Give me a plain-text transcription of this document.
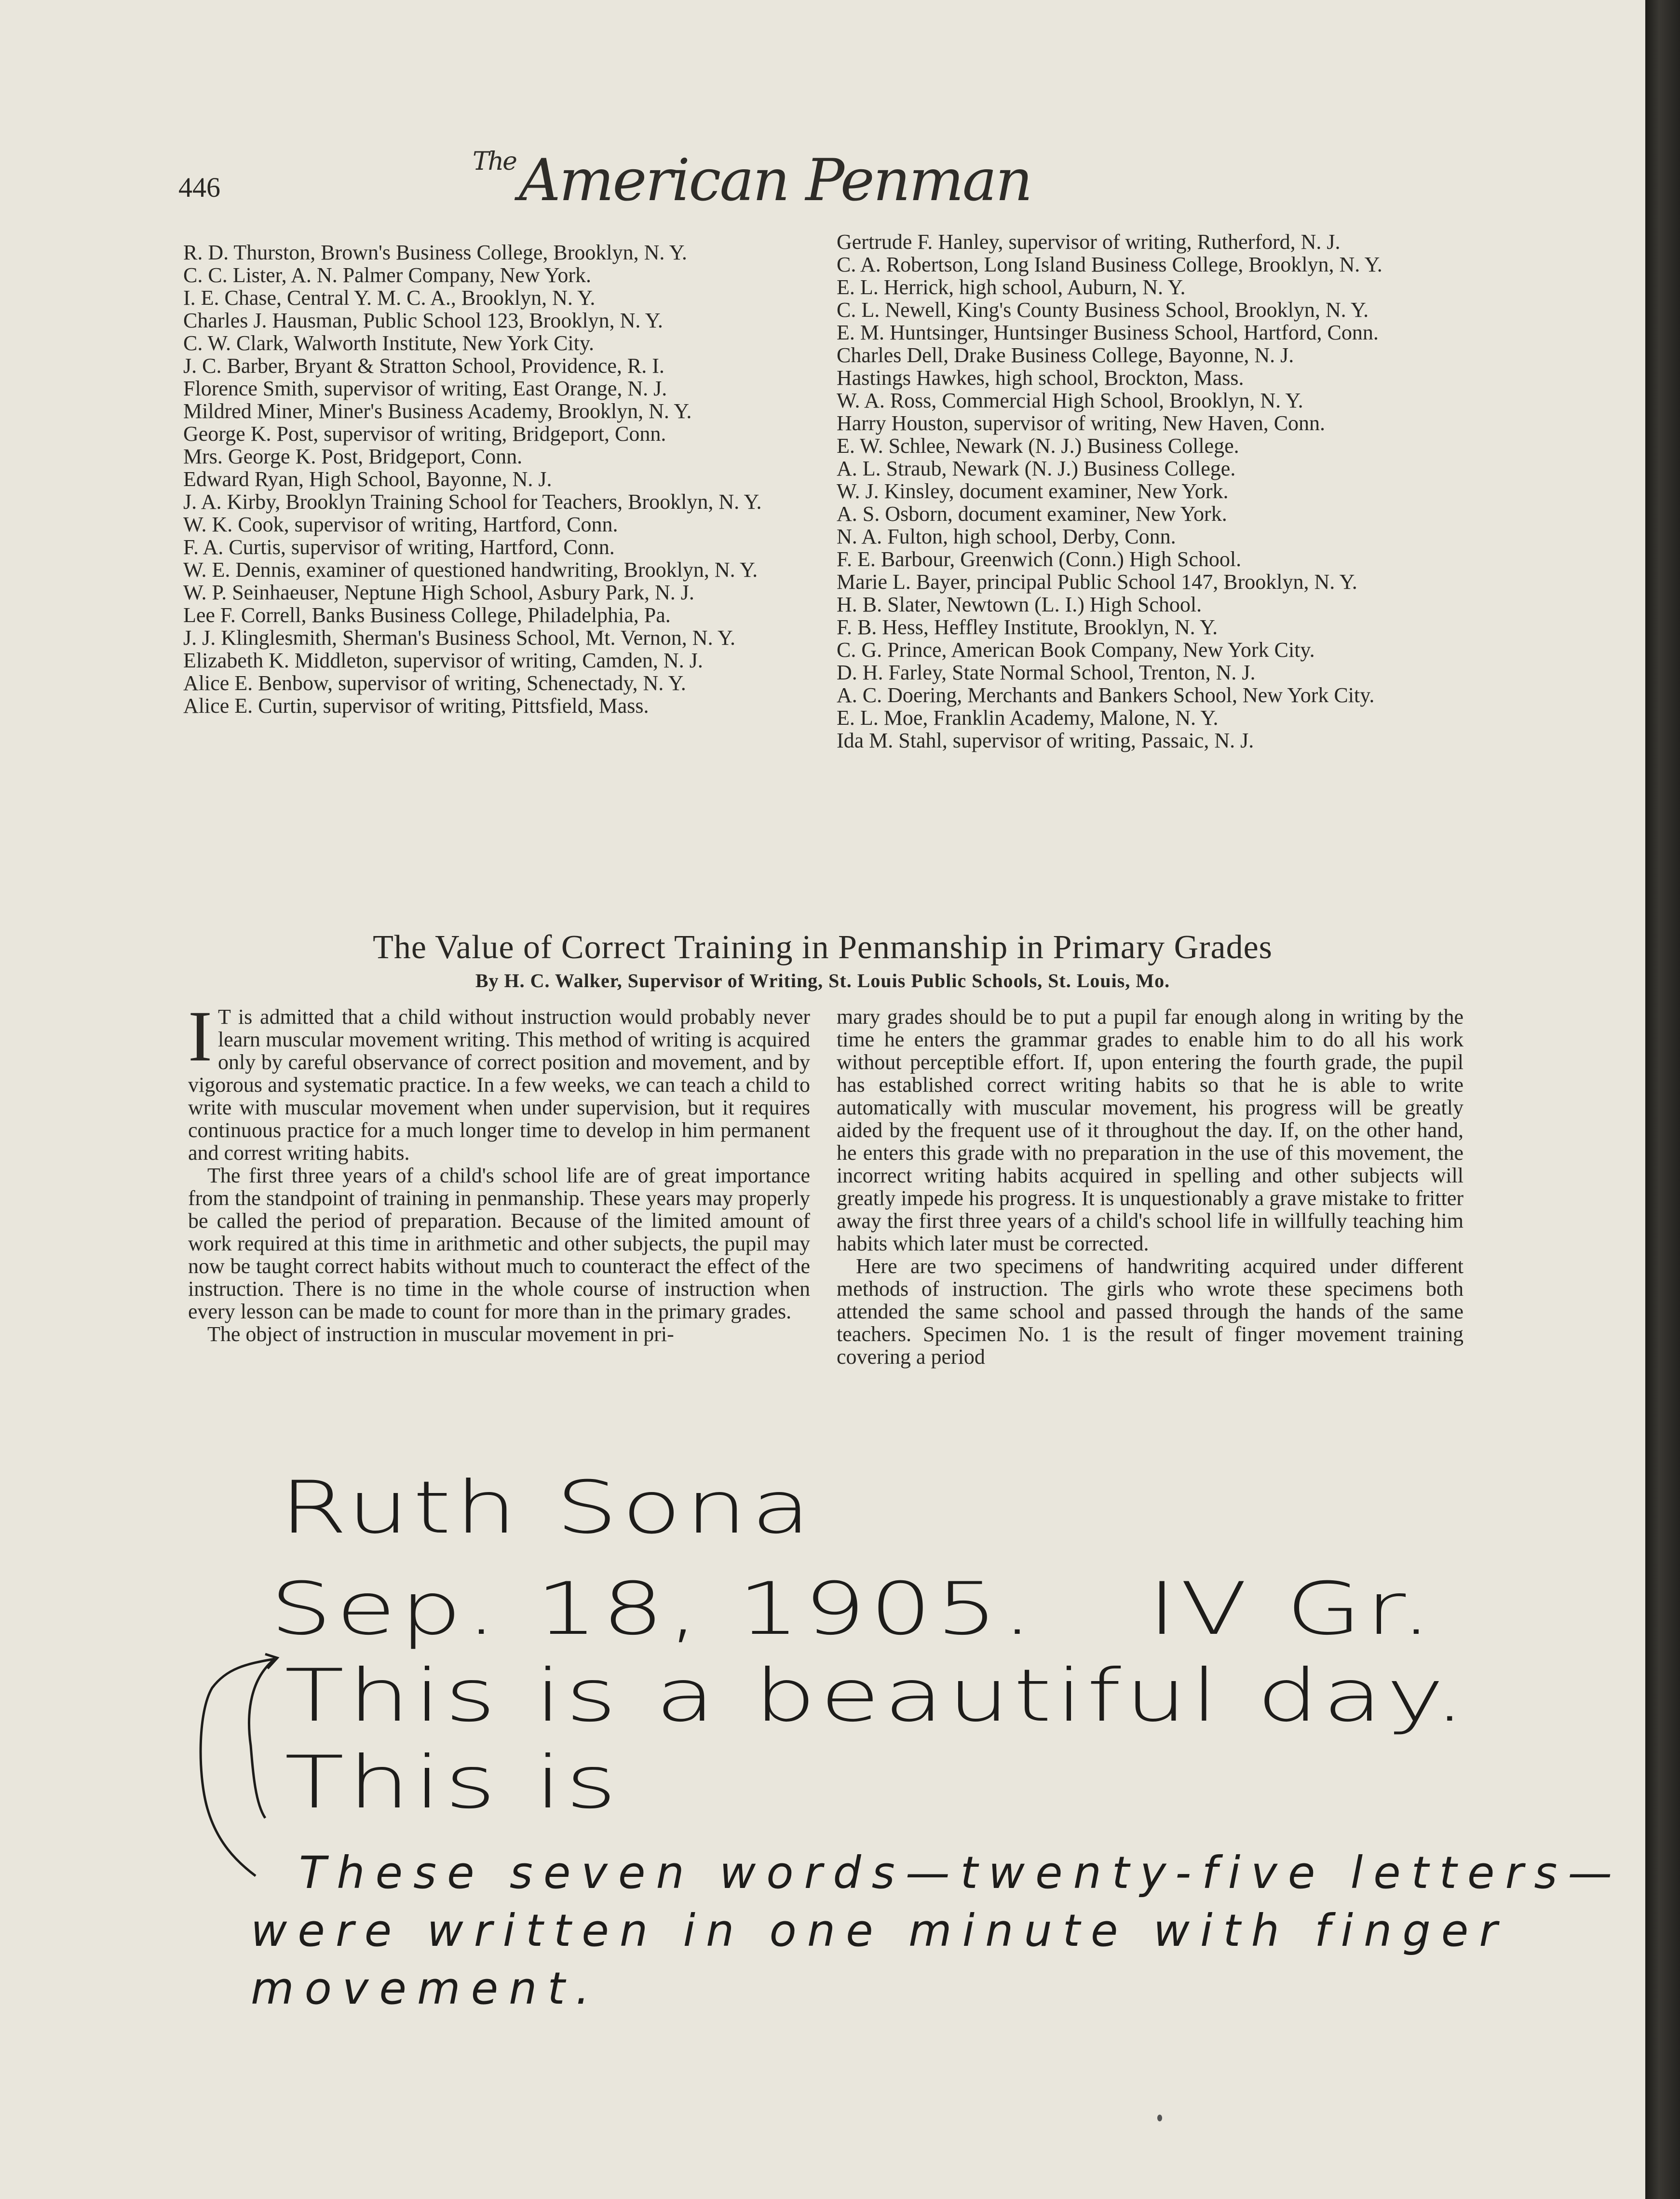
446
$^{The}$American Penman

R. D. Thurston, Brown's Business College, Brooklyn, N. Y.

C. C. Lister, A. N. Palmer Company, New York.

I. E. Chase, Central Y. M. C. A., Brooklyn, N. Y.

Charles J. Hausman, Public School 123, Brooklyn, N. Y.

C. W. Clark, Walworth Institute, New York City.

J. C. Barber, Bryant & Stratton School, Providence, R. I.

Florence Smith, supervisor of writing, East Orange, N. J.

Mildred Miner, Miner's Business Academy, Brooklyn, N. Y.

George K. Post, supervisor of writing, Bridgeport, Conn.

Mrs. George K. Post, Bridgeport, Conn.

Edward Ryan, High School, Bayonne, N. J.

J. A. Kirby, Brooklyn Training School for Teachers, Brooklyn, N. Y.

W. K. Cook, supervisor of writing, Hartford, Conn.

F. A. Curtis, supervisor of writing, Hartford, Conn.

W. E. Dennis, examiner of questioned handwriting, Brooklyn, N. Y.

W. P. Seinhaeuser, Neptune High School, Asbury Park, N. J.

Lee F. Correll, Banks Business College, Philadelphia, Pa.

J. J. Klinglesmith, Sherman's Business School, Mt. Vernon, N. Y.

Elizabeth K. Middleton, supervisor of writing, Camden, N. J.

Alice E. Benbow, supervisor of writing, Schenectady, N. Y.

Alice E. Curtin, supervisor of writing, Pittsfield, Mass.

Gertrude F. Hanley, supervisor of writing, Rutherford, N. J.

C. A. Robertson, Long Island Business College, Brooklyn, N. Y.

E. L. Herrick, high school, Auburn, N. Y.

C. L. Newell, King's County Business School, Brooklyn, N. Y.

E. M. Huntsinger, Huntsinger Business School, Hartford, Conn.

Charles Dell, Drake Business College, Bayonne, N. J.

Hastings Hawkes, high school, Brockton, Mass.

W. A. Ross, Commercial High School, Brooklyn, N. Y.

Harry Houston, supervisor of writing, New Haven, Conn.

E. W. Schlee, Newark (N. J.) Business College.

A. L. Straub, Newark (N. J.) Business College.

W. J. Kinsley, document examiner, New York.

A. S. Osborn, document examiner, New York.

N. A. Fulton, high school, Derby, Conn.

F. E. Barbour, Greenwich (Conn.) High School.

Marie L. Bayer, principal Public School 147, Brooklyn, N. Y.

H. B. Slater, Newtown (L. I.) High School.

F. B. Hess, Heffley Institute, Brooklyn, N. Y.

C. G. Prince, American Book Company, New York City.

D. H. Farley, State Normal School, Trenton, N. J.

A. C. Doering, Merchants and Bankers School, New York City.

E. L. Moe, Franklin Academy, Malone, N. Y.

Ida M. Stahl, supervisor of writing, Passaic, N. J.

The Value of Correct Training in Penmanship in Primary Grades
By H. C. Walker, Supervisor of Writing, St. Louis Public Schools, St. Louis, Mo.

I T is admitted that a child without instruction would probably never learn muscular movement writing. This method of writing is acquired only by careful observance of correct position and movement, and by vigorous and systematic practice. In a few weeks, we can teach a child to write with muscular movement when under supervision, but it requires continuous practice for a much longer time to develop in him permanent and correst writing habits.

The first three years of a child's school life are of great importance from the standpoint of training in penmanship. These years may properly be called the period of preparation. Because of the limited amount of work required at this time in arithmetic and other subjects, the pupil may now be taught correct habits without much to counteract the effect of the instruction. There is no time in the whole course of instruction when every lesson can be made to count for more than in the primary grades.

The object of instruction in muscular movement in pri-

mary grades should be to put a pupil far enough along in writing by the time he enters the grammar grades to enable him to do all his work without perceptible effort. If, upon entering the fourth grade, the pupil has established correct writing habits so that he is able to write automatically with muscular movement, his progress will be greatly aided by the frequent use of it throughout the day. If, on the other hand, he enters this grade with no preparation in the use of this movement, the incorrect writing habits acquired in spelling and other subjects will greatly impede his progress. It is unquestionably a grave mistake to fritter away the first three years of a child's school life in willfully teaching him habits which later must be corrected.

Here are two specimens of handwriting acquired under different methods of instruction. The girls who wrote these specimens both attended the same school and passed through the hands of the same teachers. Specimen No. 1 is the result of finger movement training covering a period

Ruth Sona
Sep. 18, 1905. IV Gr.
This is a beautiful day.
This is
These seven words—twenty-five letters—
were written in one minute with finger
movement.
